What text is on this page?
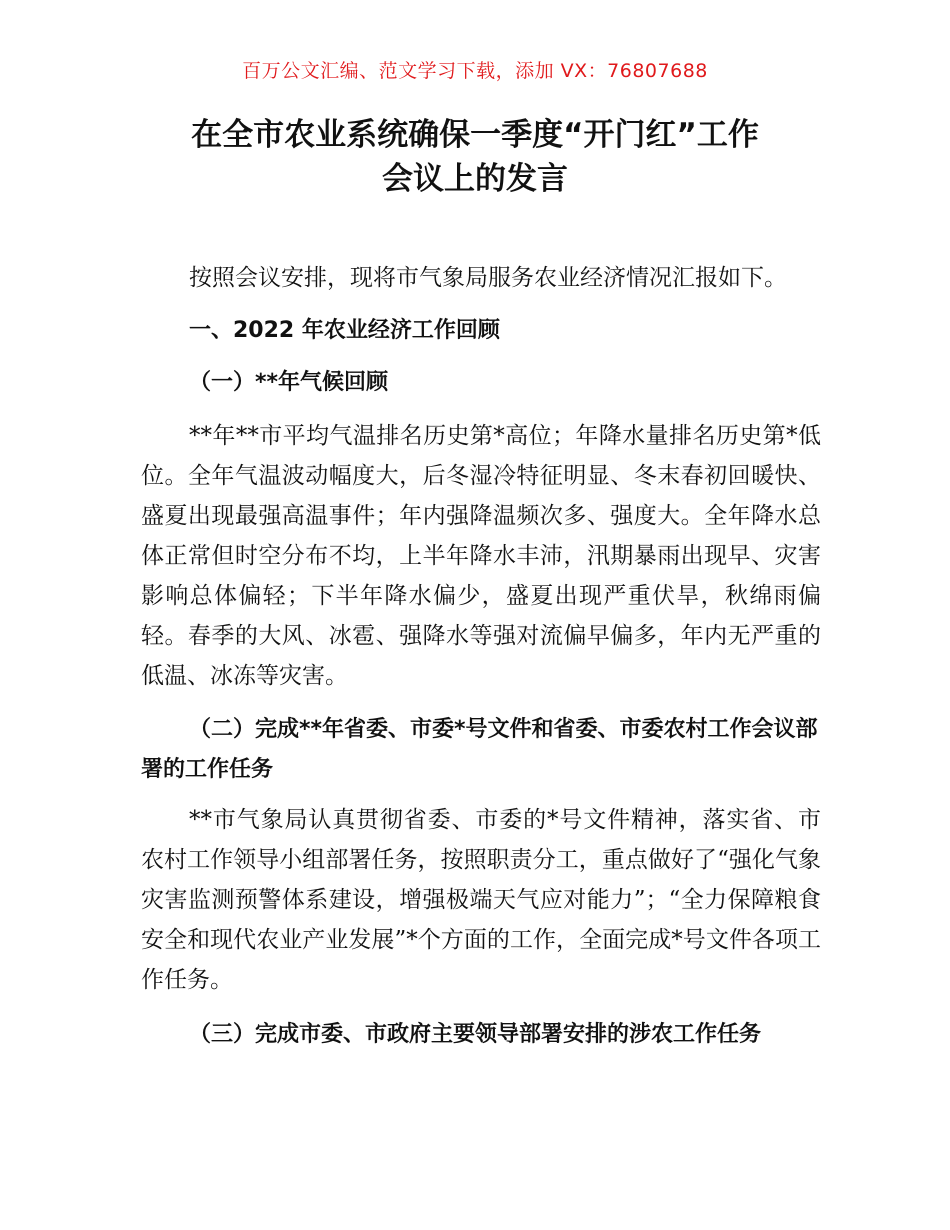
百万公文汇编、范文学习下载，添加 VX：76807688
在全市农业系统确保一季度“开门红”工作
会议上的发言

按照会议安排，现将市气象局服务农业经济情况汇报如下。

一、2022 年农业经济工作回顾
（一）**年气候回顾

**年**市平均气温排名历史第*高位；年降水量排名历史第*低位。全年气温波动幅度大，后冬湿冷特征明显、冬末春初回暖快、盛夏出现最强高温事件；年内强降温频次多、强度大。全年降水总体正常但时空分布不均，上半年降水丰沛，汛期暴雨出现早、灾害影响总体偏轻；下半年降水偏少，盛夏出现严重伏旱，秋绵雨偏轻。春季的大风、冰雹、强降水等强对流偏早偏多，年内无严重的低温、冰冻等灾害。

（二）完成**年省委、市委*号文件和省委、市委农村工作会议部署的工作任务

**市气象局认真贯彻省委、市委的*号文件精神，落实省、市农村工作领导小组部署任务，按照职责分工，重点做好了“强化气象灾害监测预警体系建设，增强极端天气应对能力”；“全力保障粮食安全和现代农业产业发展”*个方面的工作，全面完成*号文件各项工作任务。

（三）完成市委、市政府主要领导部署安排的涉农工作任务
